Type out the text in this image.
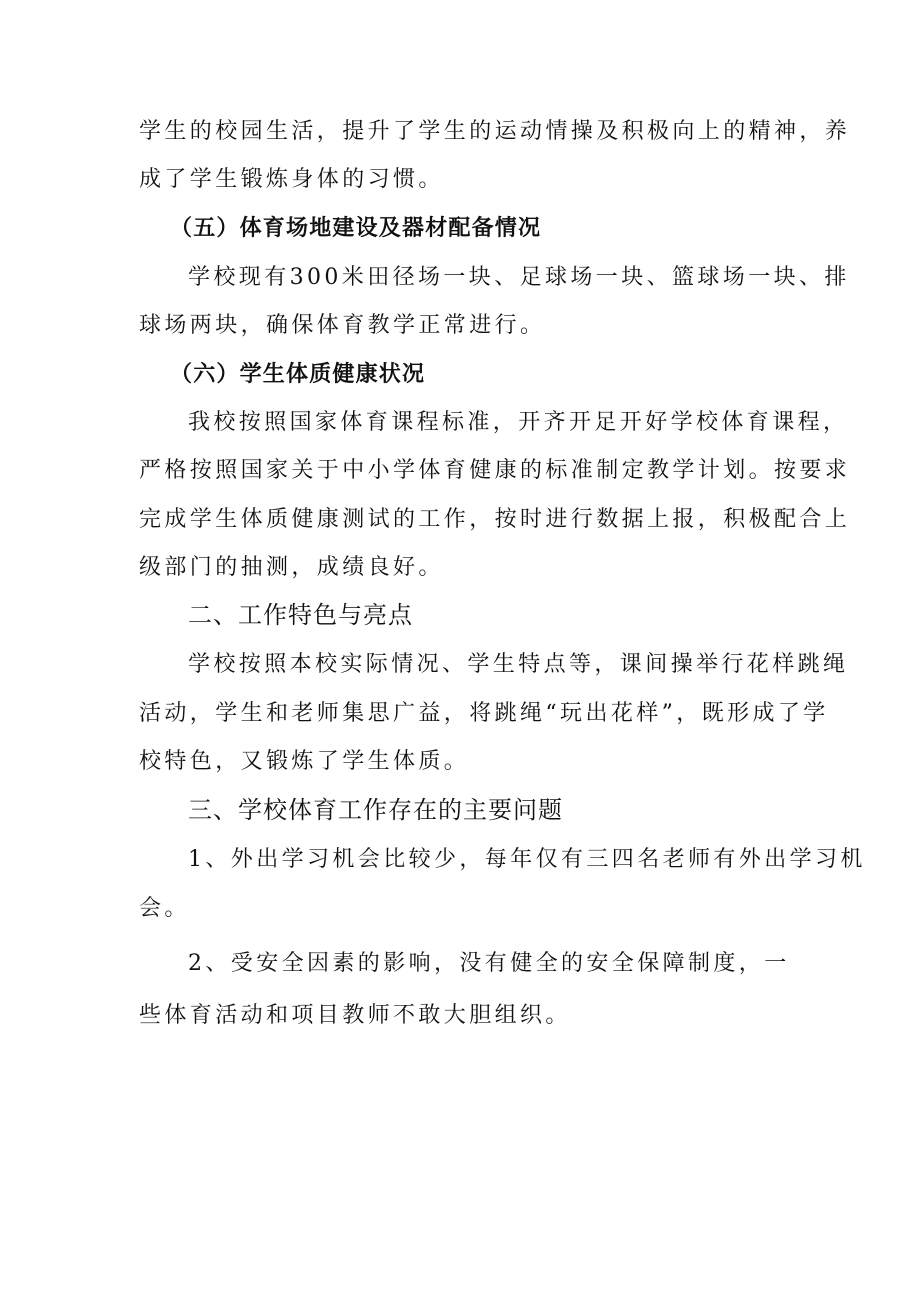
学生的校园生活，提升了学生的运动情操及积极向上的精神，养
成了学生锻炼身体的习惯。
（五）体育场地建设及器材配备情况
学校现有300米田径场一块、足球场一块、篮球场一块、排
球场两块，确保体育教学正常进行。
（六）学生体质健康状况
我校按照国家体育课程标准，开齐开足开好学校体育课程，
严格按照国家关于中小学体育健康的标准制定教学计划。按要求
完成学生体质健康测试的工作，按时进行数据上报，积极配合上
级部门的抽测，成绩良好。
二、工作特色与亮点
学校按照本校实际情况、学生特点等，课间操举行花样跳绳
活动，学生和老师集思广益，将跳绳“玩出花样”，既形成了学
校特色，又锻炼了学生体质。
三、学校体育工作存在的主要问题
1、外出学习机会比较少，每年仅有三四名老师有外出学习机
会。
2、受安全因素的影响，没有健全的安全保障制度，一
些体育活动和项目教师不敢大胆组织。
